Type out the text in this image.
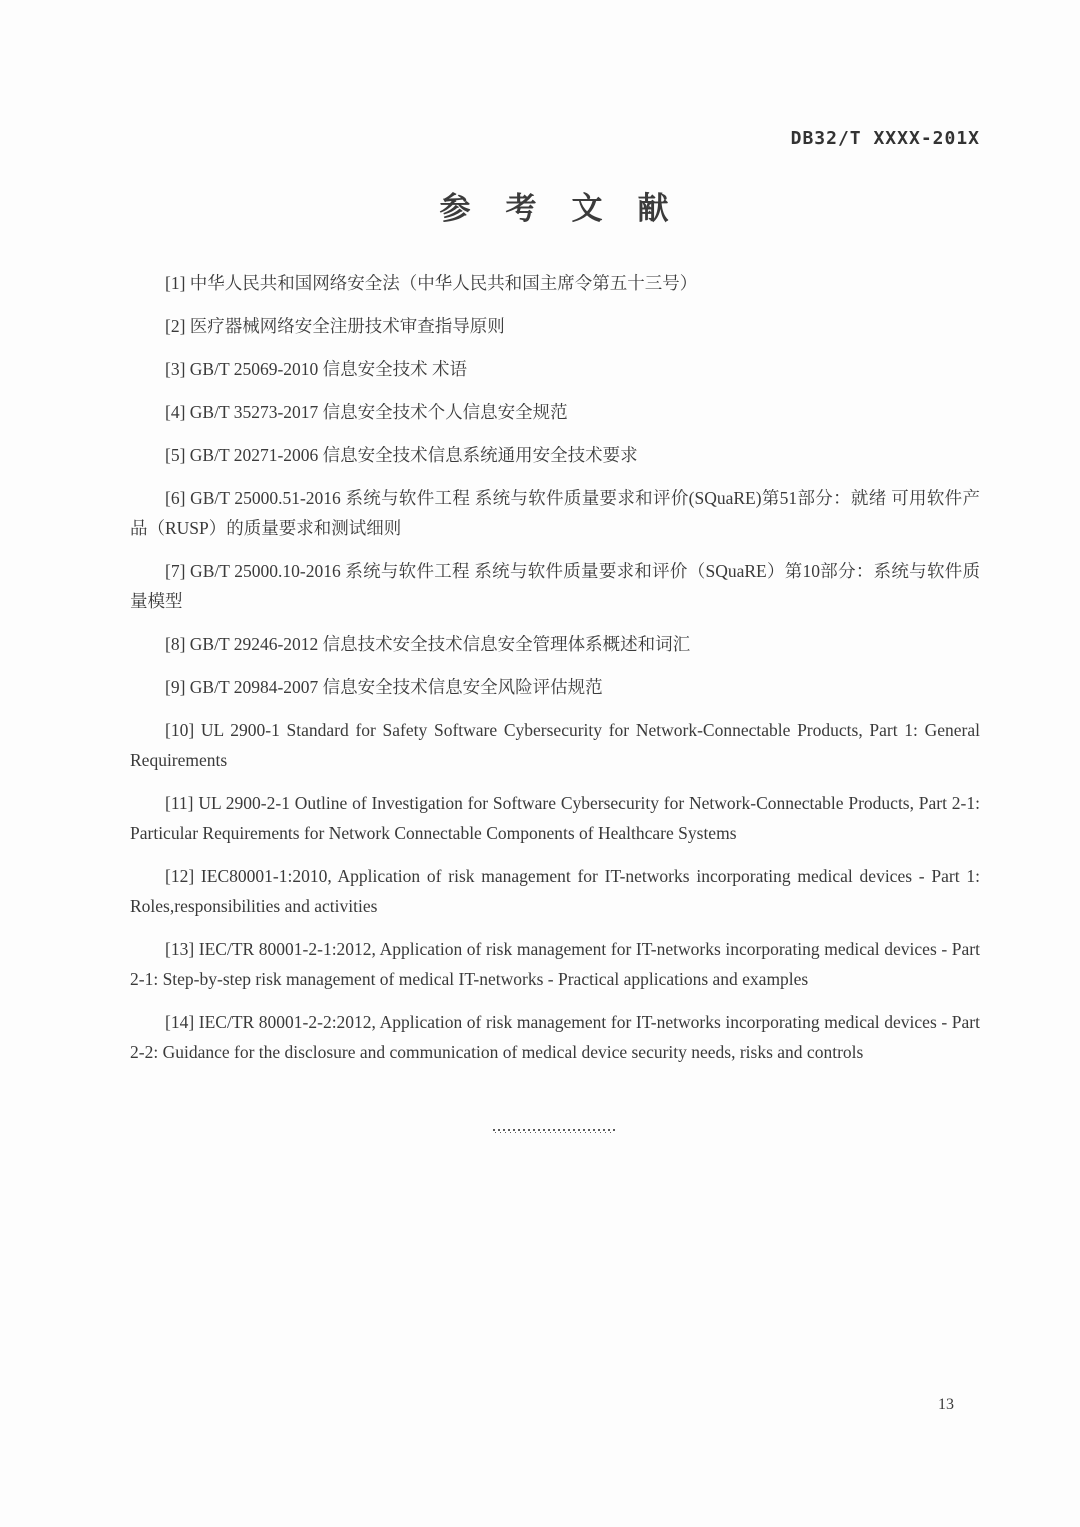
DB32/T XXXX-201X
参　考　文　献

[1] 中华人民共和国网络安全法（中华人民共和国主席令第五十三号）

[2] 医疗器械网络安全注册技术审查指导原则

[3] GB/T 25069-2010 信息安全技术 术语

[4] GB/T 35273-2017 信息安全技术个人信息安全规范

[5] GB/T 20271-2006 信息安全技术信息系统通用安全技术要求

[6] GB/T 25000.51-2016 系统与软件工程 系统与软件质量要求和评价(SQuaRE)第51部分：就绪 可用软件产品（RUSP）的质量要求和测试细则

[7] GB/T 25000.10-2016 系统与软件工程 系统与软件质量要求和评价（SQuaRE）第10部分：系统与软件质量模型

[8] GB/T 29246-2012 信息技术安全技术信息安全管理体系概述和词汇

[9] GB/T 20984-2007 信息安全技术信息安全风险评估规范

[10] UL 2900-1 Standard for Safety Software Cybersecurity for Network-Connectable Products, Part 1: General Requirements

[11] UL 2900-2-1 Outline of Investigation for Software Cybersecurity for Network-Connectable Products, Part 2-1: Particular Requirements for Network Connectable Components of Healthcare Systems

[12] IEC80001-1:2010, Application of risk management for IT-networks incorporating medical devices - Part 1: Roles,responsibilities and activities

[13] IEC/TR 80001-2-1:2012, Application of risk management for IT-networks incorporating medical devices - Part 2-1: Step-by-step risk management of medical IT-networks - Practical applications and examples

[14] IEC/TR 80001-2-2:2012, Application of risk management for IT-networks incorporating medical devices - Part 2-2: Guidance for the disclosure and communication of medical device security needs, risks and controls

13
